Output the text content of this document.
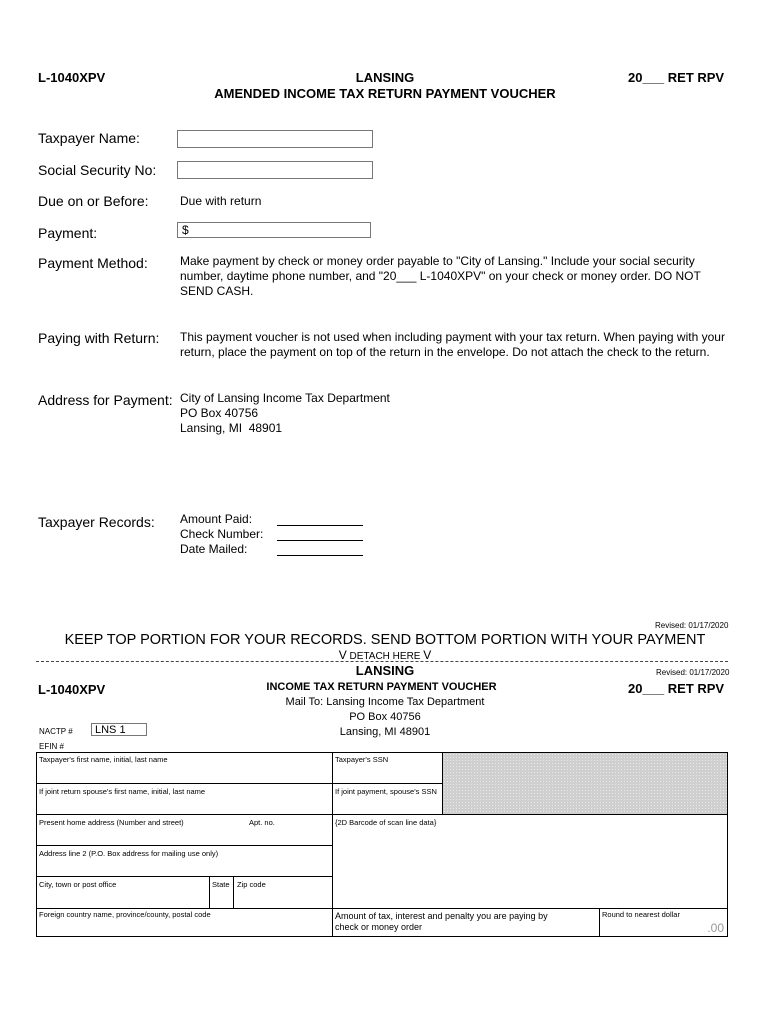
L-1040XPV	LANSING
AMENDED INCOME TAX RETURN PAYMENT VOUCHER
20___ RET RPV
Taxpayer Name:
Social Security No:
Due on or Before:	Due with return
Payment:	$
Payment Method:	Make payment by check or money order payable to "City of Lansing." Include your social security
number, daytime phone number, and "20___ L-1040XPV" on your check or money order. DO NOT
SEND CASH.
Paying with Return: This payment voucher is not used when including payment with your tax return. When paying with your
return, place the payment on top of the return in the envelope. Do not attach the check to the return.
Address for Payment: City of Lansing Income Tax Department
PO Box 40756
Lansing, MI  48901
Taxpayer Records: Amount Paid:
Check Number:
Date Mailed:
Revised: 01/17/2020
KEEP TOP PORTION FOR YOUR RECORDS. SEND BOTTOM PORTION WITH YOUR PAYMENT
V DETACH HERE V
LANSING	Revised: 01/17/2020
L-1040XPV	INCOME TAX RETURN PAYMENT VOUCHER	20___ RET RPV
Mail To: Lansing Income Tax Department
PO Box 40756
Lansing, MI 48901
NACTP #	LNS 1
EFIN #
Taxpayer's first name, initial, last name	Taxpayer's SSN
If joint return spouse's first name, initial, last name	If joint payment, spouse's SSN
Present home address (Number and street)	Apt. no.	{2D Barcode of scan line data}
Address line 2 (P.O. Box address for mailing use only)
City, town or post office	State Zip code
Foreign country name, province/county, postal code	Amount of tax, interest and penalty you are paying by
check or money order
Round to nearest dollar
.00
